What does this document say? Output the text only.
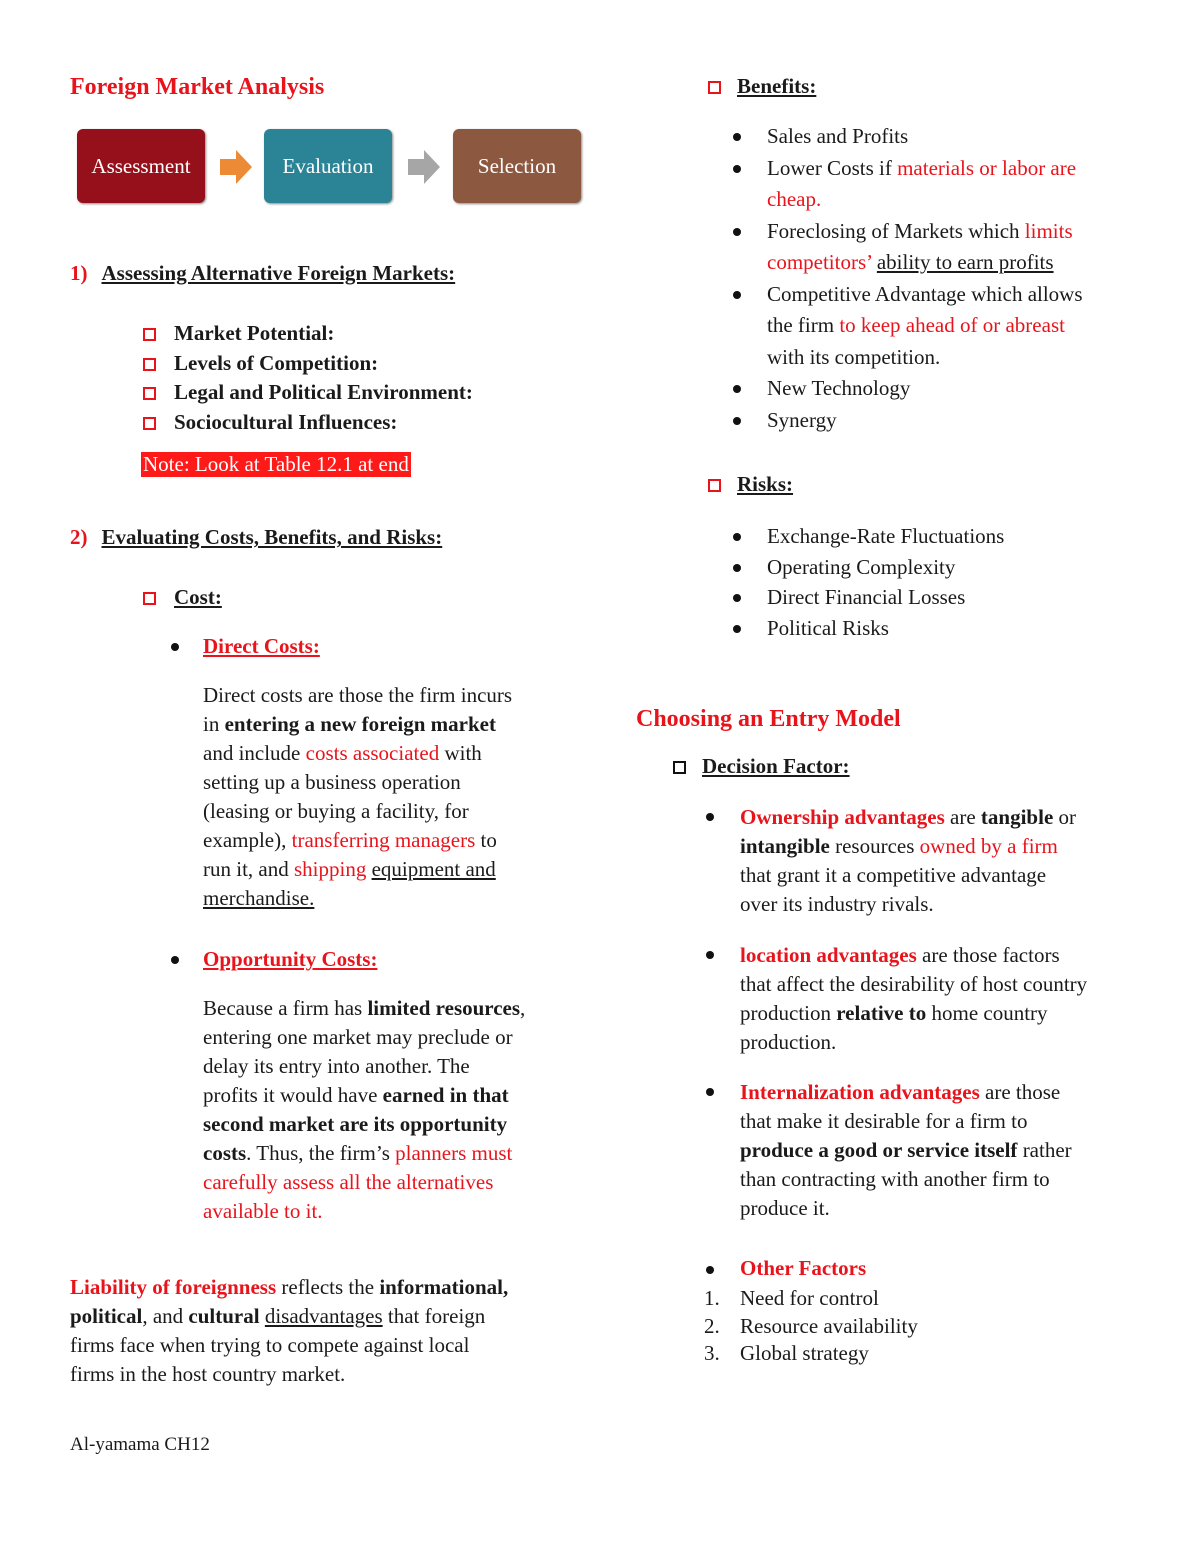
Foreign Market Analysis
Assessment	Evaluation	Selection
1) Assessing Alternative Foreign Markets:
Market Potential:
Levels of Competition:
Legal and Political Environment:
Sociocultural Influences:
Note: Look at Table 12.1 at end
2) Evaluating Costs, Benefits, and Risks:
Cost:
Direct Costs:
Direct costs are those the firm incurs
in entering a new foreign market
and include costs associated with
setting up a business operation
(leasing or buying a facility, for
example), transferring managers to
run it, and shipping equipment and
merchandise.
Opportunity Costs:
Because a firm has limited resources,
entering one market may preclude or
delay its entry into another. The
profits it would have earned in that
second market are its opportunity
costs. Thus, the firm’s planners must
carefully assess all the alternatives
available to it.
Liability of foreignness reflects the informational,
political, and cultural disadvantages that foreign
firms face when trying to compete against local
firms in the host country market.
Al-yamama CH12
Benefits:
Sales and Profits
Lower Costs if materials or labor are
cheap.
Foreclosing of Markets which limits
competitors’ ability to earn profits
Competitive Advantage which allows
the firm to keep ahead of or abreast
with its competition.
New Technology
Synergy
Risks:
Exchange-Rate Fluctuations
Operating Complexity
Direct Financial Losses
Political Risks
Choosing an Entry Model
Decision Factor:
Ownership advantages are tangible or
intangible resources owned by a firm
that grant it a competitive advantage
over its industry rivals.
location advantages are those factors
that affect the desirability of host country
production relative to home country
production.
Internalization advantages are those
that make it desirable for a firm to
produce a good or service itself rather
than contracting with another firm to
produce it.
Other Factors
1. Need for control
2. Resource availability
3. Global strategy
